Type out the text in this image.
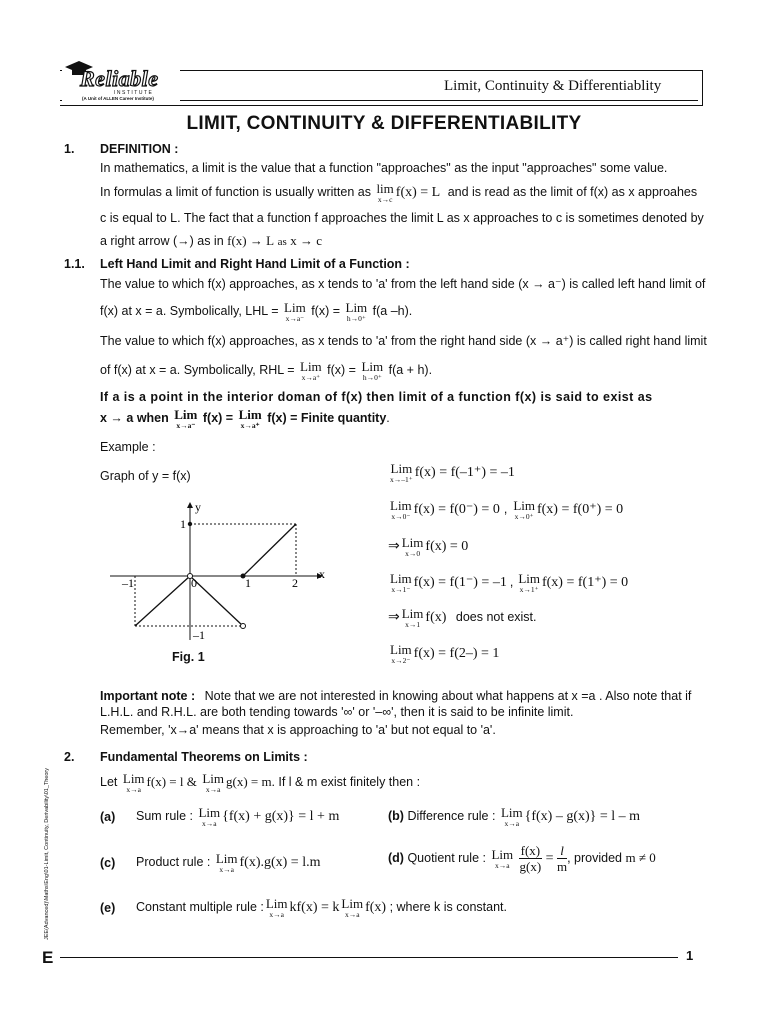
Reliable
INSTITUTE
(A Unit of ALLEN Career Institute)
Limit, Continuity & Differentiablity
LIMIT, CONTINUITY & DIFFERENTIABILITY
1. DEFINITION :
In mathematics, a limit is the value that a function "approaches" as the input "approaches" some value.
In formulas a limit of function is usually written as lim
x→c f(x) = L and is read as the limit of f(x) as x approahes
c is equal to L. The fact that a function f approaches the limit L as x approaches to c is sometimes denoted by
a right arrow (→) as in f(x) → L as x → c
1.1. Left Hand Limit and Right Hand Limit of a Function :
The value to which f(x) approaches, as x tends to 'a' from the left hand side (x → a⁻) is called left hand limit of
f(x) at x = a. Symbolically, LHL = Lim
x→a⁻
f(x) = Lim
h→0⁺
f(a –h).
The value to which f(x) approaches, as x tends to 'a' from the right hand side (x → a⁺) is called right hand limit
of f(x) at x = a. Symbolically, RHL = Lim
x→a⁺
f(x) = Lim
h→0⁺
f(a + h).
If a is a point in the interior doman of f(x) then limit of a function f(x) is said to exist as
x → a when Lim
x→a⁻
f(x) = Lim
x→a⁺
f(x) = Finite quantity.
Example :
Graph of y = f(x)
x
y
1
–1
–1	0	1	2
Fig. 1
Lim
x→–1⁺ f(x) = f(–1⁺) = –1
Lim
x→0⁻ f(x) = f(0⁻) = 0 , Lim
x→0⁺ f(x) = f(0⁺) = 0
⇒ Lim
x→0 f(x) = 0
Lim
x→1⁻ f(x) = f(1⁻) = –1 , Lim
x→1⁺ f(x) = f(1⁺) = 0
⇒ Lim
x→1 f(x) does not exist.
Lim
x→2⁻ f(x) = f(2–) = 1
Important note : Note that we are not interested in knowing about what happens at x =a . Also note that if
L.H.L. and R.H.L. are both tending towards '∞' or '–∞', then it is said to be infinite limit.
Remember, 'x→a' means that x is approaching to 'a' but not equal to 'a'.
2. Fundamental Theorems on Limits :
Let Lim
x→a
f(x) = l & Lim
x→a
g(x) = m. If l & m exist finitely then :
(a) Sum rule : Lim
x→a {f(x) + g(x)} = l + m	(b) Difference rule : Lim
x→a {f(x) – g(x)} = l – m
(c) Product rule : Lim
x→a f(x).g(x) = l.m	(d) Quotient rule : Lim
x→a
$\frac{f(x)}{g(x)} = \frac{l}{m}$ , provided m ≠ 0
(e) Constant multiple rule : Lim
x→a kf(x) = k Lim
x→a f(x) ; where k is constant.
JEE(Advanced)\Maths\Eng\01-Limit, Continuity, Derivability\01_Theory
E	1
